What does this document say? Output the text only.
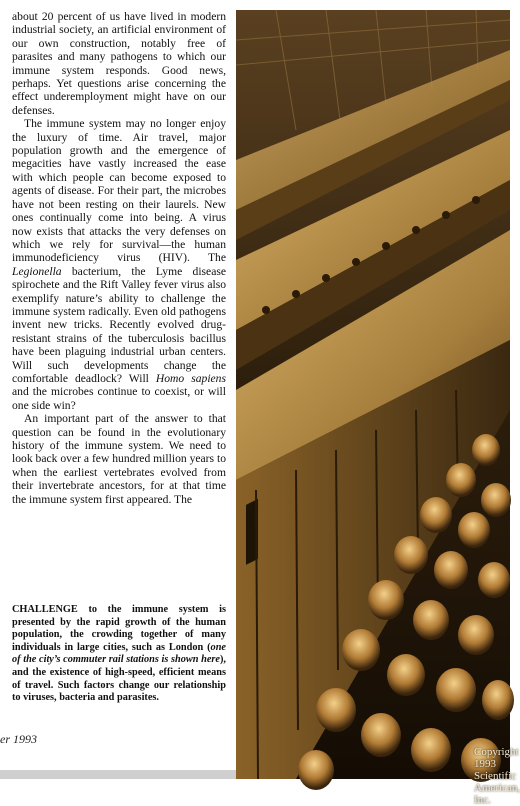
about 20 percent of us have lived in modern industrial society, an artificial environment of our own construction, notably free of parasites and many pathogens to which our immune system responds. Good news, perhaps. Yet questions arise concerning the effect underemployment might have on our defenses.

The immune system may no longer enjoy the luxury of time. Air travel, major population growth and the emergence of megacities have vastly increased the ease with which people can become exposed to agents of disease. For their part, the microbes have not been resting on their laurels. New ones continually come into being. A virus now exists that attacks the very defenses on which we rely for survival—the human immunodeficiency virus (HIV). The Legionella bacterium, the Lyme disease spirochete and the Rift Valley fever virus also exemplify nature’s ability to challenge the immune system radically. Even old pathogens invent new tricks. Recently evolved drug-resistant strains of the tuberculosis bacillus have been plaguing industrial urban centers. Will such developments change the comfortable deadlock? Will Homo sapiens and the microbes continue to coexist, or will one side win?

An important part of the answer to that question can be found in the evolutionary history of the immune system. We need to look back over a few hundred million years to when the earliest vertebrates evolved from their invertebrate ancestors, for at that time the immune system first appeared. The

CHALLENGE to the immune system is presented by the rapid growth of the human population, the crowding together of many individuals in large cities, such as London (one of the city’s commuter rail stations is shown here), and the existence of high-speed, efficient means of travel. Such factors change our relationship to viruses, bacteria and parasites.
er 1993
Copyright 1993 Scientific American, Inc.
